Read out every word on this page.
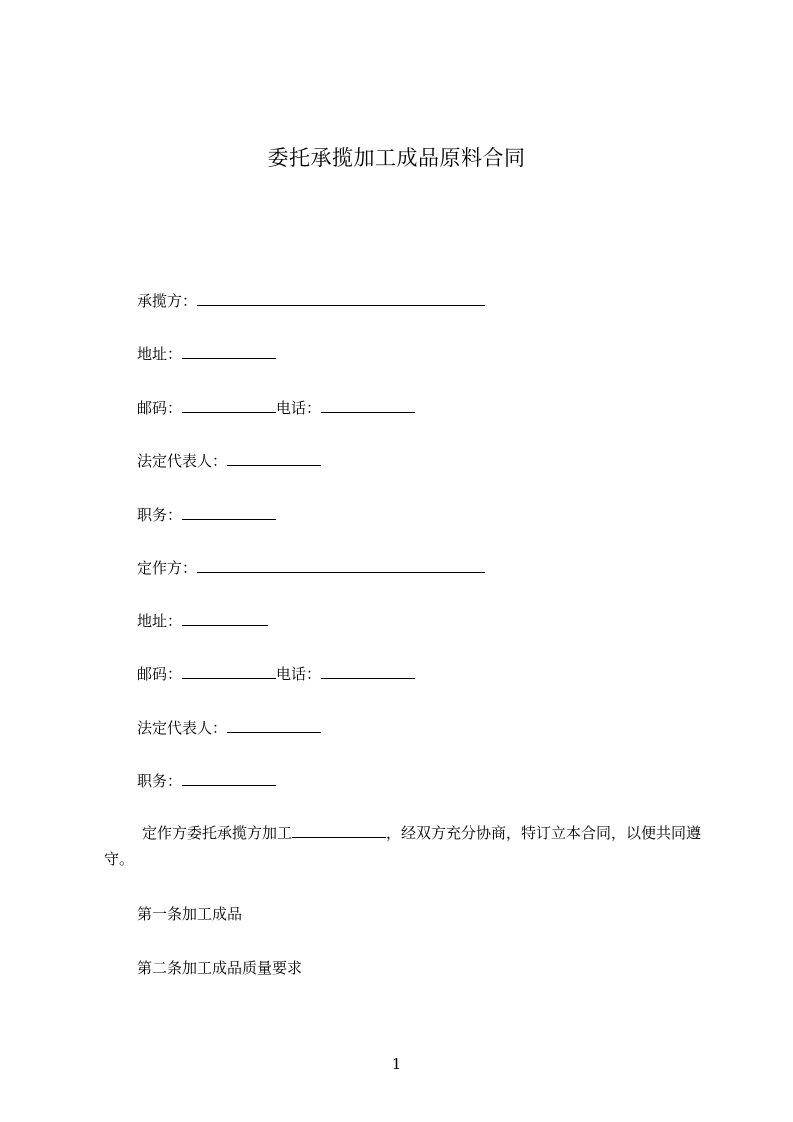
委托承揽加工成品原料合同
承揽方：
地址：
邮码：	电话：
法定代表人：
职务：
定作方：
地址：
邮码：	电话：
法定代表人：
职务：
定作方委托承揽方加工	，经双方充分协商，特订立本合同，以便共同遵守。
第一条加工成品
第二条加工成品质量要求
1
